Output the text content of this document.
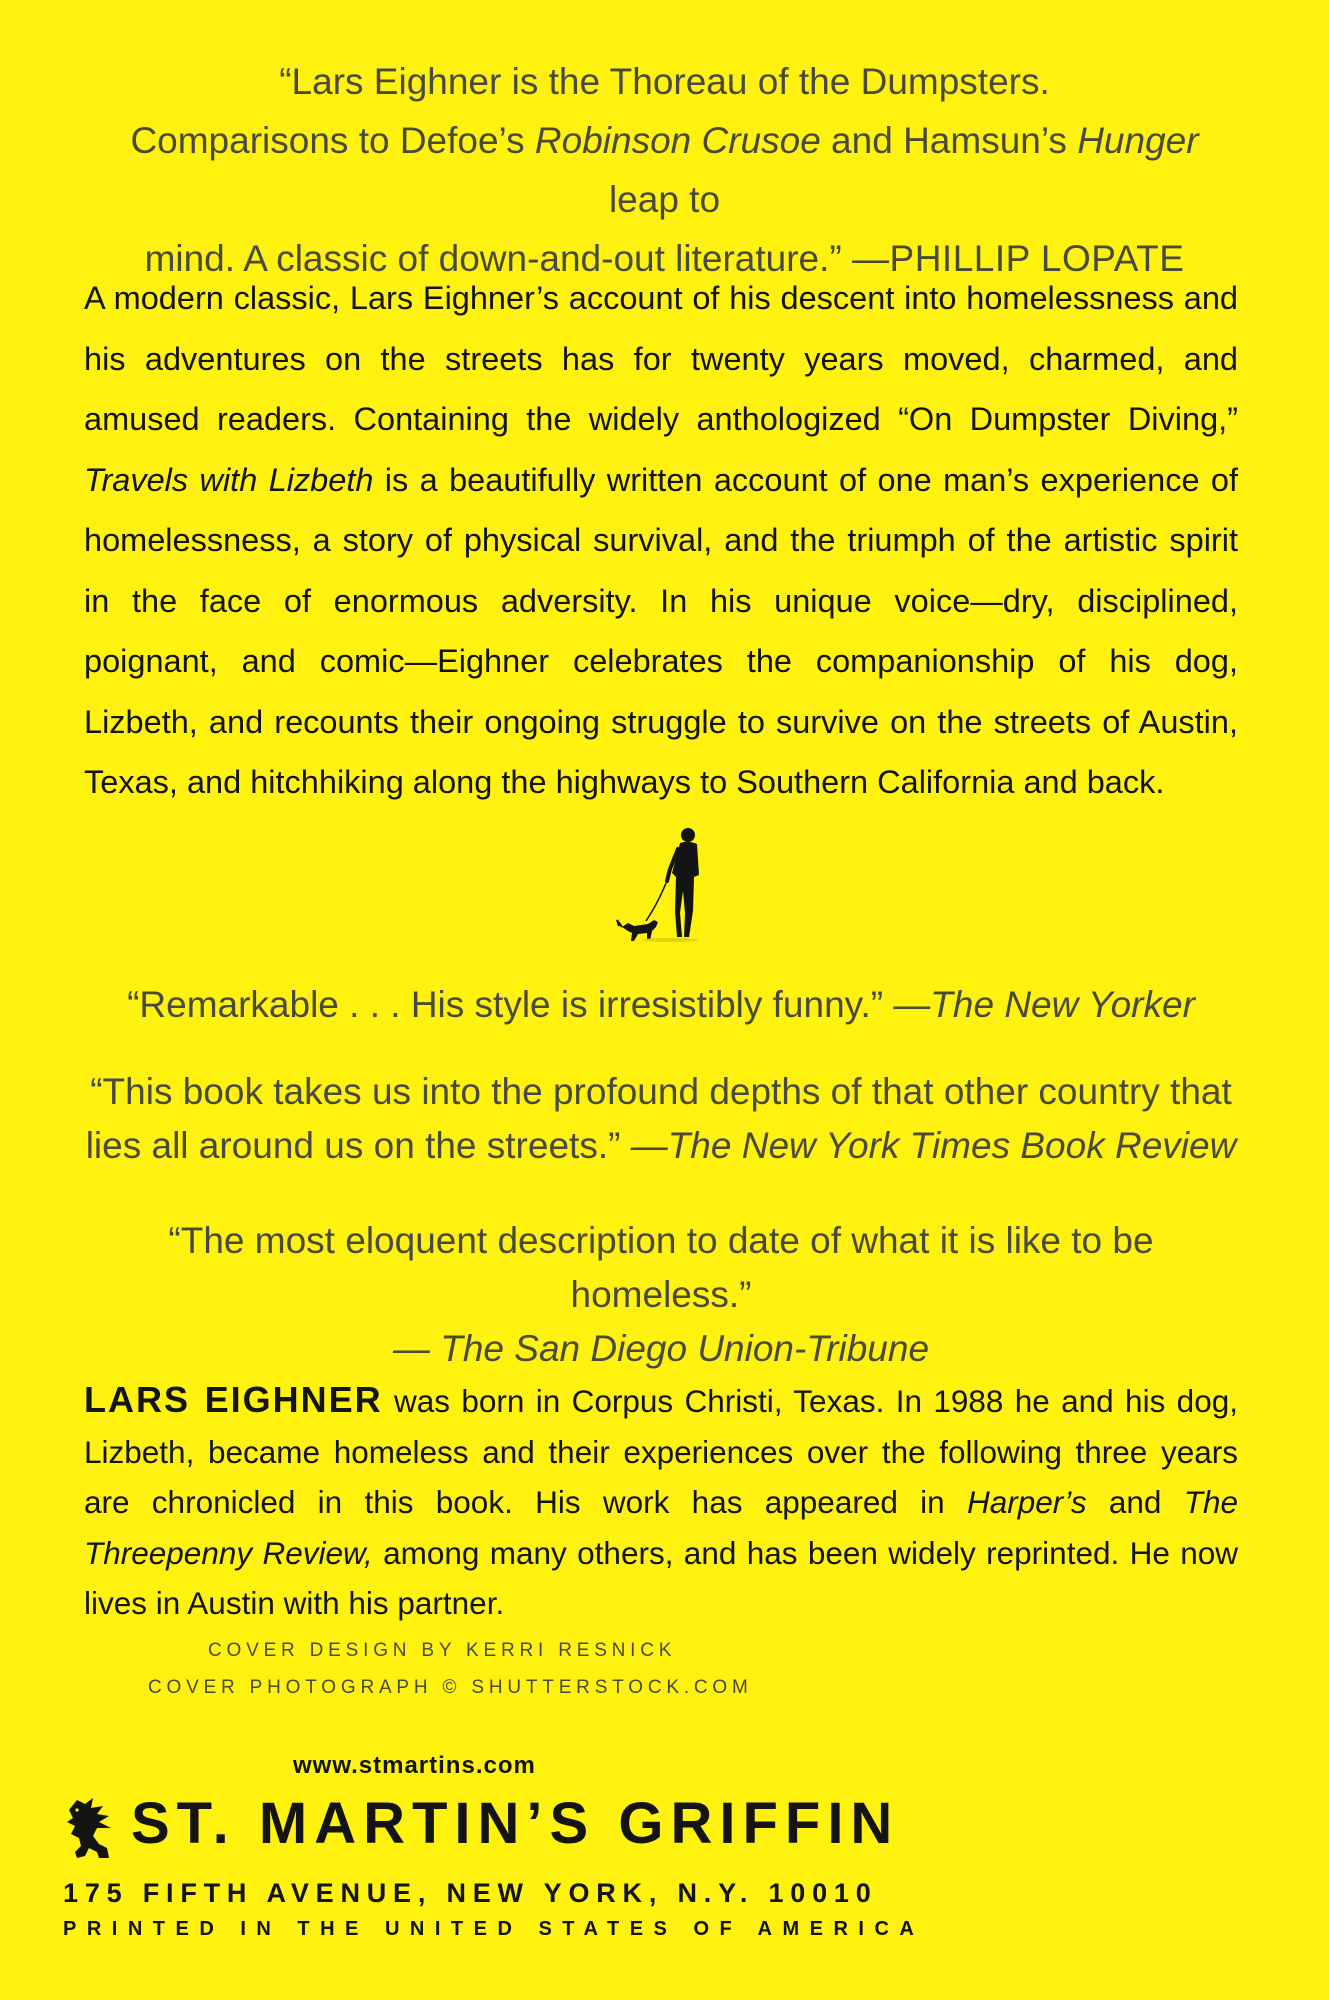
“Lars Eighner is the Thoreau of the Dumpsters.
Comparisons to Defoe’s Robinson Crusoe and Hamsun’s Hunger leap to
mind. A classic of down-and-out literature.” —PHILLIP LOPATE
A modern classic, Lars Eighner’s account of his descent into homelessness and his adventures on the streets has for twenty years moved, charmed, and amused readers. Containing the widely anthologized “On Dumpster Diving,” Travels with Lizbeth is a beautifully written account of one man’s experience of homelessness, a story of physical survival, and the triumph of the artistic spirit in the face of enormous adversity. In his unique voice—dry, disciplined, poignant, and comic—Eighner celebrates the companionship of his dog, Lizbeth, and recounts their ongoing struggle to survive on the streets of Austin, Texas, and hitchhiking along the highways to Southern California and back.
“Remarkable . . . His style is irresistibly funny.” —The New Yorker
“This book takes us into the profound depths of that other country that lies all around us on the streets.” —The New York Times Book Review
“The most eloquent description to date of what it is like to be homeless.”
— The San Diego Union-Tribune
LARS EIGHNER was born in Corpus Christi, Texas. In 1988 he and his dog, Lizbeth, became homeless and their experiences over the following three years are chronicled in this book. His work has appeared in Harper’s and The Threepenny Review, among many others, and has been widely reprinted. He now lives in Austin with his partner.
COVER DESIGN BY KERRI RESNICK
COVER PHOTOGRAPH © SHUTTERSTOCK.COM
www.stmartins.com
ST. MARTIN’S GRIFFIN
175 FIFTH AVENUE, NEW YORK, N.Y. 10010
PRINTED IN THE UNITED STATES OF AMERICA
